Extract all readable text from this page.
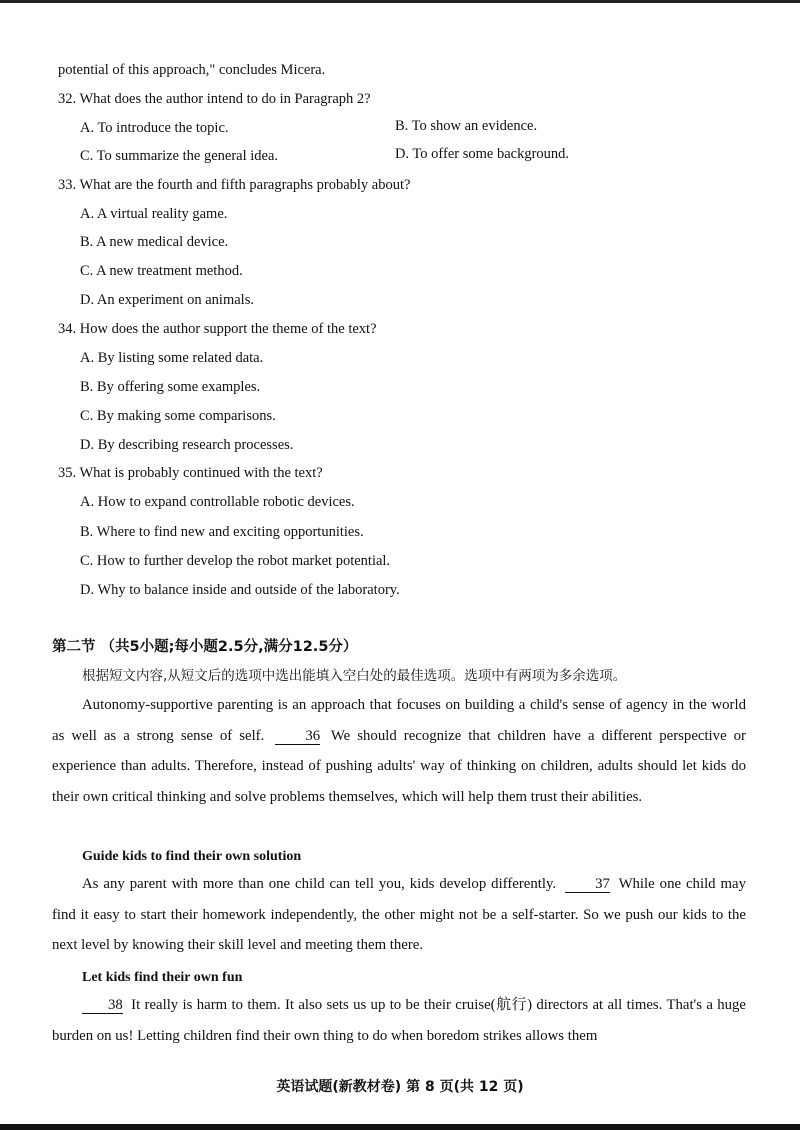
potential of this approach," concludes Micera.
32. What does the author intend to do in Paragraph 2?
A. To introduce the topic.	B. To show an evidence.
C. To summarize the general idea.	D. To offer some background.
33. What are the fourth and fifth paragraphs probably about?
A. A virtual reality game.
B. A new medical device.
C. A new treatment method.
D. An experiment on animals.
34. How does the author support the theme of the text?
A. By listing some related data.
B. By offering some examples.
C. By making some comparisons.
D. By describing research processes.
35. What is probably continued with the text?
A. How to expand controllable robotic devices.
B. Where to find new and exciting opportunities.
C. How to further develop the robot market potential.
D. Why to balance inside and outside of the laboratory.
第二节 （共5小题;每小题2.5分,满分12.5分）
根据短文内容,从短文后的选项中选出能填入空白处的最佳选项。选项中有两项为多余选项。
Autonomy-supportive parenting is an approach that focuses on building a child's sense of agency in the world as well as a strong sense of self.	36 We should recognize that children have a different perspective or experience than adults. Therefore, instead of pushing adults' way of thinking on children, adults should let kids do their own critical thinking and solve problems themselves, which will help them trust their abilities.
Guide kids to find their own solution
As any parent with more than one child can tell you, kids develop differently.	37 While one child may find it easy to start their homework independently, the other might not be a self-starter. So we push our kids to the next level by knowing their skill level and meeting them there.
Let kids find their own fun
38 It really is harm to them. It also sets us up to be their cruise(航行) directors at all times. That's a huge burden on us! Letting children find their own thing to do when boredom strikes allows them
英语试题(新教材卷) 第 8 页(共 12 页)
